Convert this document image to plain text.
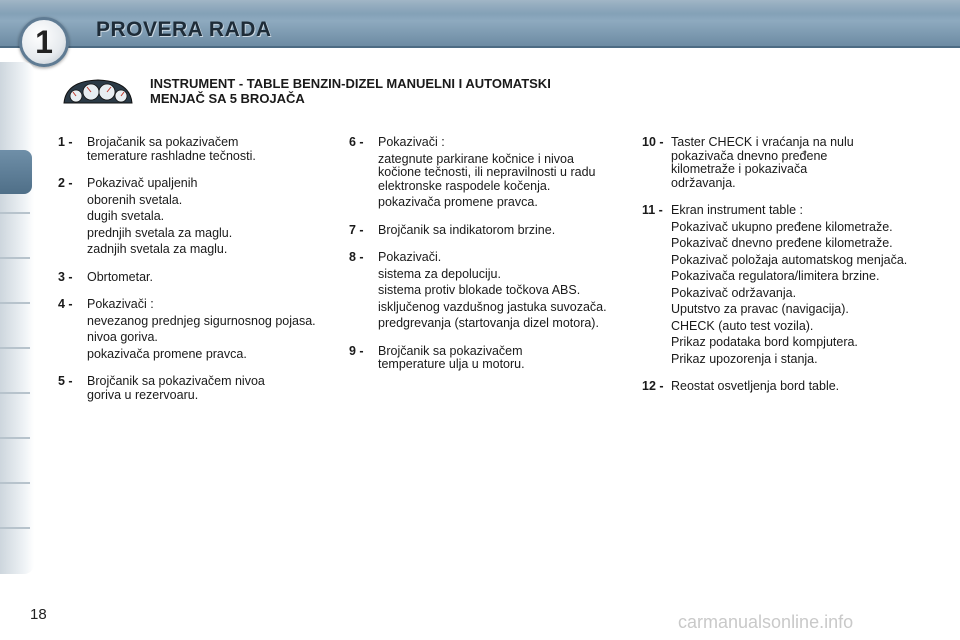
PROVERA RADA
1
INSTRUMENT - TABLE BENZIN-DIZEL MANUELNI I AUTOMATSKI
MENJAČ SA 5 BROJAČA
1 -	Brojačanik sa pokazivačem
temerature rashladne tečnosti.
2 -	Pokazivač upaljenih
oborenih svetala.
dugih svetala.
prednjih svetala za maglu.
zadnjih svetala za maglu.
3 -	Obrtometar.
4 -	Pokazivači :
nevezanog prednjeg sigurnosnog pojasa.
nivoa goriva.
pokazivača promene pravca.
5 -	Brojčanik sa pokazivačem nivoa
goriva u rezervoaru.
6 -	Pokazivači :
zategnute parkirane kočnice i nivoa kočione tečnosti, ili nepravilnosti u radu elektronske raspodele kočenja.
pokazivača promene pravca.
7 -	Brojčanik sa indikatorom brzine.
8 -	Pokazivači.
sistema za depoluciju.
sistema protiv blokade točkova ABS.
isključenog vazdušnog jastuka suvozača.
predgrevanja (startovanja dizel motora).
9 -	Brojčanik sa pokazivačem
temperature ulja u motoru.
10 - Taster CHECK i vraćanja na nulu
pokazivača dnevno pređene
kilometraže i pokazivača
održavanja.
11 - Ekran instrument table :
Pokazivač ukupno pređene kilometraže.
Pokazivač dnevno pređene kilometraže.
Pokazivač položaja automatskog menjača.
Pokazivača regulatora/limitera brzine.
Pokazivač održavanja.
Uputstvo za pravac (navigacija).
CHECK (auto test vozila).
Prikaz podataka bord kompjutera.
Prikaz upozorenja i stanja.
12 - Reostat osvetljenja bord table.
18	carmanualsonline.info
